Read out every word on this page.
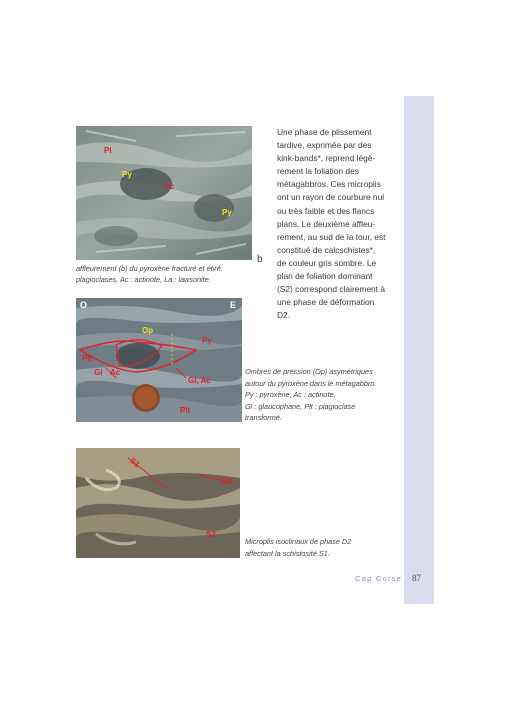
Pl
Py
Ac
Py
b
affleurement (b) du pyroxène fracturé et étiré.
plagioclases, Ac : actinote, La : lawsonite.
Une phase de plissement
tardive, exprimée par des
kink-bands*, reprend légè-
rement la foliation des
métagabbros. Ces microplis
ont un rayon de courbure nul
ou très faible et des flancs
plans. Le deuxième affleu-
rement, au sud de la tour, est
constitué de calcschistes*,
de couleur gris sombre. Le
plan de foliation dominant
(S2) correspond clairement à
une phase de déformation
D2.
O	E
Op
Py
Plt
Gl Ac
Gl, Ac
Plt
Ombres de pression (Op) asymétriques
autour du pyroxène dans le métagabbro.
Py : pyroxène, Ac : actinote,
Gl : glaucophane, Plt : plagioclase
transformé.
S1
S2
S2
Microplis isoclinaux de phase D2
affectant la schistosité S1.
Cap Corse 87
